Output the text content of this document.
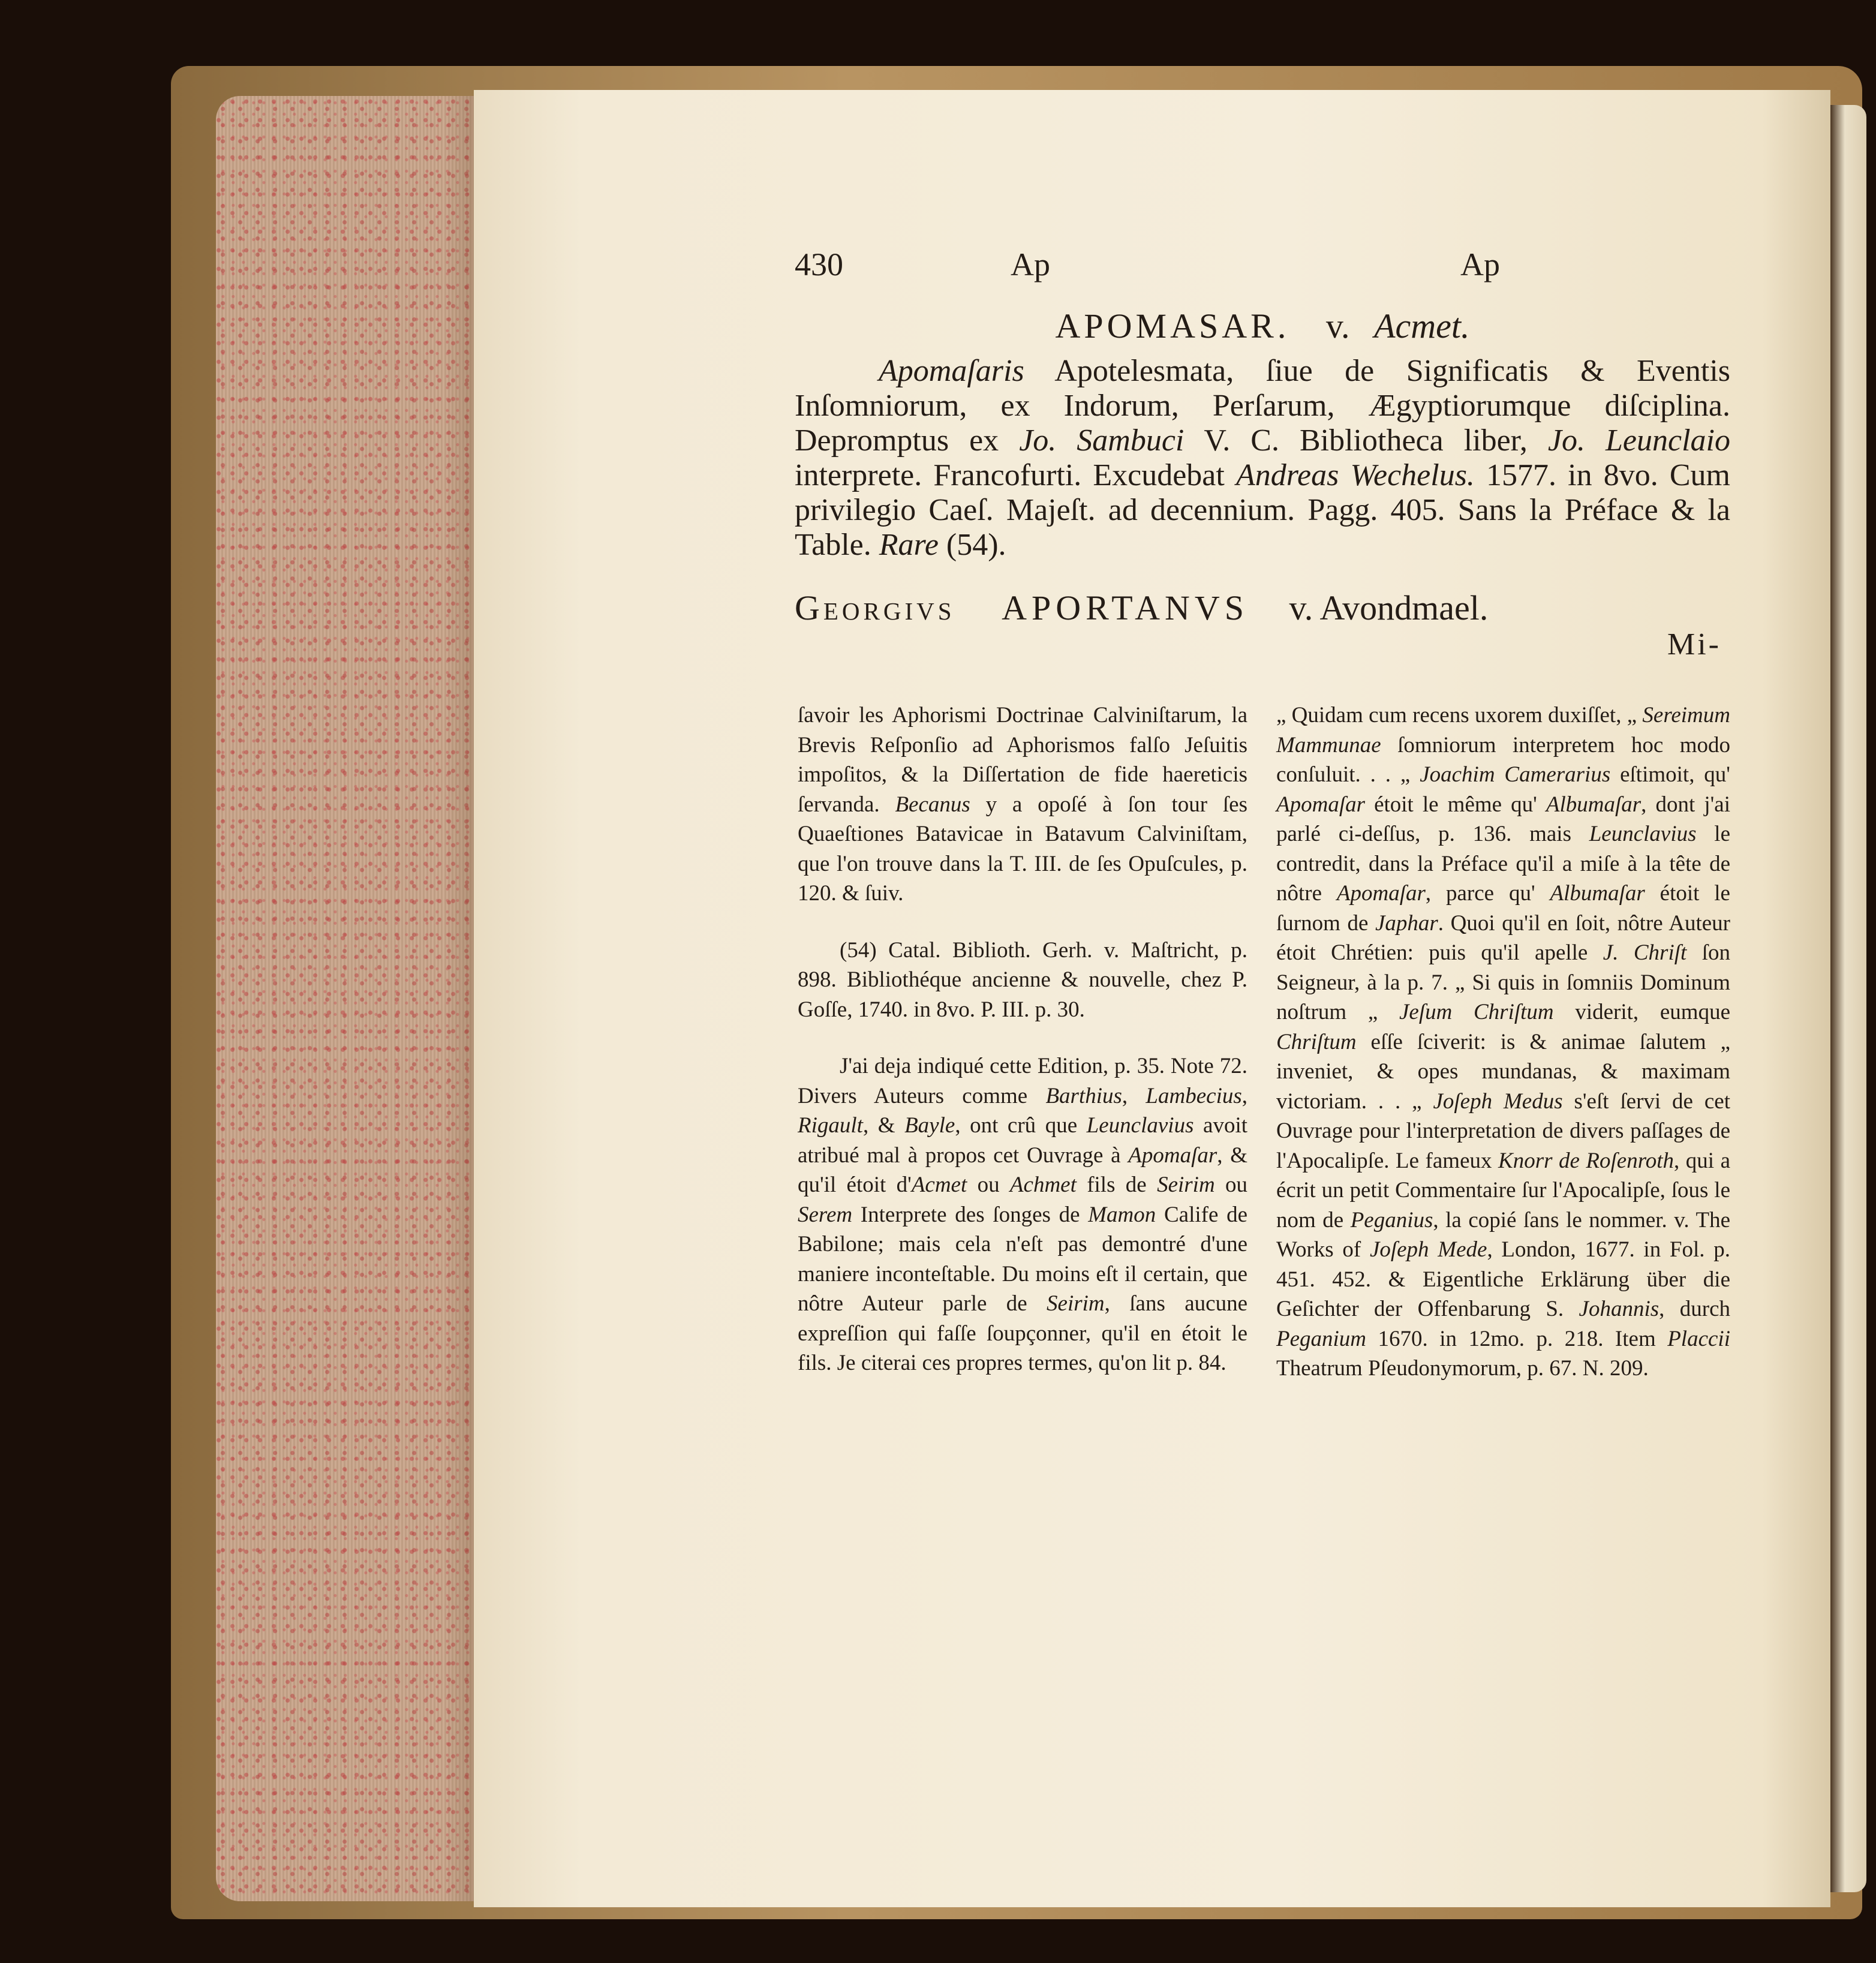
430	Ap	Ap
APOMASAR. v. Acmet.
Apomaſaris Apotelesmata, ſiue de Significatis & Eventis Inſomniorum, ex Indorum, Perſarum, Ægyptiorumque diſciplina. Depromptus ex Jo. Sambuci V. C. Bibliotheca liber, Jo. Leunclaio interprete. Francofurti. Excudebat Andreas Wechelus. 1577. in 8vo. Cum privilegio Caeſ. Majeſt. ad decennium. Pagg. 405. Sans la Préface & la Table. Rare (54).
Georgivs APORTANVS v. Avondmael.
Mi-

ſavoir les Aphorismi Doctrinae Calviniſtarum, la Brevis Reſponſio ad Aphorismos falſo Jeſuitis impoſitos, & la Diſſertation de fide haereticis ſervanda. Becanus y a opoſé à ſon tour ſes Quaeſtiones Batavicae in Batavum Calviniſtam, que l'on trouve dans la T. III. de ſes Opuſcules, p. 120. & ſuiv.

(54) Catal. Biblioth. Gerh. v. Maſtricht, p. 898. Bibliothéque ancienne & nouvelle, chez P. Goſſe, 1740. in 8vo. P. III. p. 30.

J'ai deja indiqué cette Edition, p. 35. Note 72. Divers Auteurs comme Barthius, Lambecius, Rigault, & Bayle, ont crû que Leunclavius avoit atribué mal à propos cet Ouvrage à Apomaſar, & qu'il étoit d'Acmet ou Achmet fils de Seirim ou Serem Interprete des ſonges de Mamon Calife de Babilone; mais cela n'eſt pas demontré d'une maniere inconteſtable. Du moins eſt il certain, que nôtre Auteur parle de Seirim, ſans aucune expreſſion qui faſſe ſoupçonner, qu'il en étoit le fils. Je citerai ces propres termes, qu'on lit p. 84.

„ Quidam cum recens uxorem duxiſſet, „ Sereimum Mammunae ſomniorum interpretem hoc modo conſuluit. . . „ Joachim Camerarius eſtimoit, qu' Apomaſar étoit le même qu' Albumaſar, dont j'ai parlé ci-deſſus, p. 136. mais Leunclavius le contredit, dans la Préface qu'il a miſe à la tête de nôtre Apomaſar, parce qu' Albumaſar étoit le ſurnom de Japhar. Quoi qu'il en ſoit, nôtre Auteur étoit Chrétien: puis qu'il apelle J. Chriſt ſon Seigneur, à la p. 7. „ Si quis in ſomniis Dominum noſtrum „ Jeſum Chriſtum viderit, eumque Chriſtum eſſe ſciverit: is & animae ſalutem „ inveniet, & opes mundanas, & maximam victoriam. . . „ Joſeph Medus s'eſt ſervi de cet Ouvrage pour l'interpretation de divers paſſages de l'Apocalipſe. Le fameux Knorr de Roſenroth, qui a écrit un petit Commentaire ſur l'Apocalipſe, ſous le nom de Peganius, la copié ſans le nommer. v. The Works of Joſeph Mede, London, 1677. in Fol. p. 451. 452. & Eigentliche Erklärung über die Geſichter der Offenbarung S. Johannis, durch Peganium 1670. in 12mo. p. 218. Item Placcii Theatrum Pſeudonymorum, p. 67. N. 209.
